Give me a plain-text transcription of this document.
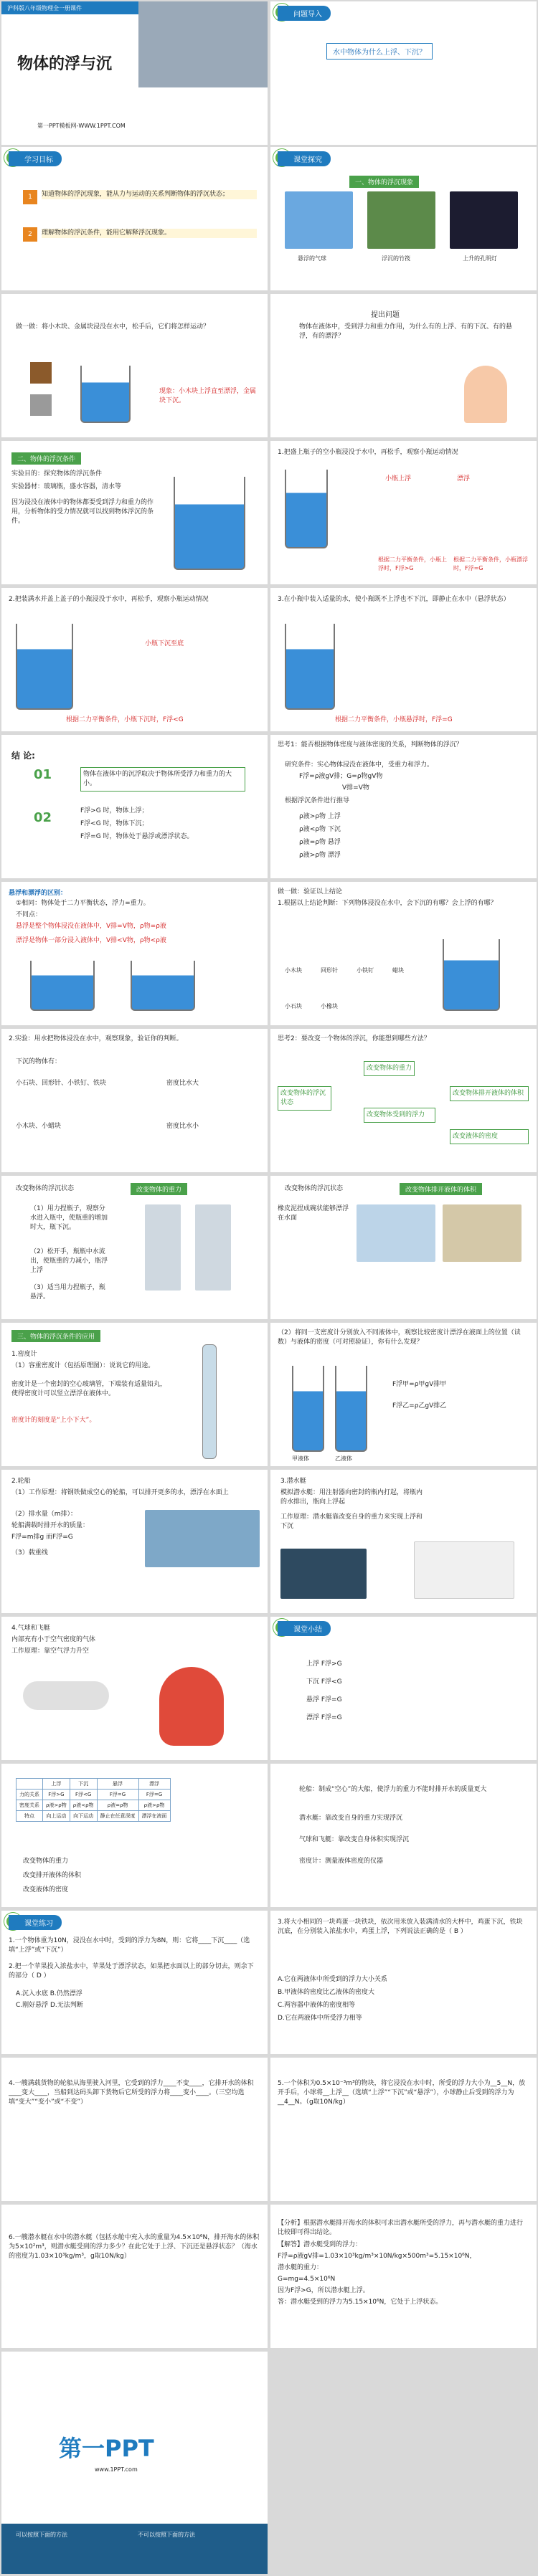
沪科版八年级物理全一册课件
物体的浮与沉
第一PPT模板网-WWW.1PPT.COM
问题导入
水中物体为什么上浮、下沉？
学习目标
1	知道物体的浮沉现象，能从力与运动的关系判断物体的浮沉状态；

2	理解物体的浮沉条件，能用它解释浮沉现象。

课堂探究
一、物体的浮沉现象
悬浮的气球	浮沉的竹筏	上升的孔明灯

做一做：将小木块、金属块浸没在水中，松手后，它们将怎样运动？

现象：小木块上浮直至漂浮，金属块下沉。

提出问题

物体在液体中，受到浮力和重力作用，为什么有的上浮、有的下沉、有的悬浮，有的漂浮？

二、物体的浮沉条件

实验目的：探究物体的浮沉条件

实验器材：玻璃瓶，盛水容器，清水等

因为浸没在液体中的物体都要受到浮力和重力的作用，分析物体的受力情况就可以找到物体浮沉的条件。

1.把盛上瓶子的空小瓶浸没于水中，再松手，观察小瓶运动情况

小瓶上浮	漂浮

根据二力平衡条件，小瓶上浮时，F浮>G

根据二力平衡条件，小瓶漂浮时，F浮=G

2.把装满水并盖上盖子的小瓶浸没于水中，再松手，观察小瓶运动情况

小瓶下沉至底

根据二力平衡条件，小瓶下沉时，F浮<G

3.在小瓶中装入适量的水，使小瓶既不上浮也不下沉，即静止在水中（悬浮状态）

根据二力平衡条件，小瓶悬浮时，F浮=G

结 论:
01	物体在液体中的沉浮取决于物体所受浮力和重力的大小。

02	F浮>G 时，物体上浮；

F浮<G 时，物体下沉；

F浮=G 时，物体处于悬浮或漂浮状态。

思考1：能否根据物体密度与液体密度的关系，判断物体的浮沉？

研究条件：实心物体浸没在液体中，受重力和浮力。

F浮=ρ液gV排；G=ρ物gV物

V排=V物

根据浮沉条件进行推导

ρ液>ρ物 上浮

ρ液<ρ物 下沉

ρ液=ρ物 悬浮

ρ液>ρ物 漂浮

悬浮和漂浮的区别：

①相同：物体处于二力平衡状态，浮力=重力。

不同点：

悬浮是整个物体浸没在液体中，V排=V物，ρ物=ρ液

漂浮是物体一部分浸入液体中，V排<V物，ρ物<ρ液

做一做：验证以上结论

1.根据以上结论判断：下列物体浸没在水中，会下沉的有哪？会上浮的有哪？

小木块	回形针	小铁钉	蜡块
小石块	小橡块

2.实验：用水把物体浸没在水中，观察现象，验证你的判断。

下沉的物体有：

小石块、回形针、小铁钉、铁块

小木块、小蜡块

密度比水大

密度比水小

思考2：要改变一个物体的浮沉，你能想到哪些方法？

改变物体的浮沉状态

改变物体的重力

改变物体受到的浮力

改变物体排开液体的体积

改变液体的密度

改变物体的浮沉状态	改变物体的重力

（1）用力捏瓶子，观察分水进入瓶中，使瓶重的增加时大，瓶下沉。

（2）松开手，瓶瓶中水流出，使瓶重的力减小，瓶浮上浮

（3）适当用力捏瓶子，瓶悬浮。

改变物体的浮沉状态	改变物体排开液体的体积

橡皮泥捏成碗状能够漂浮在水面

三、物体的浮沉条件的应用
1.密度计

（1）容重密度计（包括原理图）：说说它的用途。

密度计是一个密封的空心玻璃管，下端装有适量铅丸，使得密度计可以竖立漂浮在液体中。

密度计的刻度是“上小下大”。

（2）将同一支密度计分别放入不同液体中，观察比较密度计漂浮在液面上的位置（读数）与液体的密度（可对照验证），你有什么发现？

甲液体	乙液体

F浮甲=ρ甲gV排甲

F浮乙=ρ乙gV排乙

2.轮船

（1）工作原理：将钢铁做成空心的轮船，可以排开更多的水，漂浮在水面上

（2）排水量（m排）：

轮船满载时排开水的质量：

F浮=m排g 而F浮=G

（3）载重线

3.潜水艇

模拟潜水艇：用注射器向密封的瓶内打起，将瓶内的水排出，瓶向上浮起

工作原理：潜水艇靠改变自身的重力来实现上浮和下沉

4.气球和飞艇

内部充有小于空气密度的气体

工作原理：靠空气浮力升空

课堂小结

上浮 F浮>G

下沉 F浮<G

悬浮 F浮=G

漂浮 F浮=G

	上浮	下沉	悬浮	漂浮
力的关系	F浮>G	F浮<G	F浮=G	F浮=G
密度关系	ρ液>ρ物	ρ液<ρ物	ρ液=ρ物	ρ液>ρ物
特点	向上运动	向下运动	静止在任意深度	漂浮在液面

改变物体的重力

改变排开液体的体积

改变液体的密度

轮船：制成“空心”的大船，使浮力的重力不能时排开水的质量更大

潜水艇：靠改变自身的重力实现浮沉

气球和飞艇：靠改变自身体积实现浮沉

密度计：测量液体密度的仪器

课堂练习

1.一个物体重为10N，浸没在水中时，受到的浮力为8N，则：它将____下沉____（选填“上浮”或“下沉”）

2.把一个苹果投入浓盐水中，苹果处于漂浮状态，如果把水面以上的部分切去，则余下的部分（ D ）

A.沉入水底 B.仍然漂浮

C.刚好悬浮 D.无法判断

3.将大小相同的一块鸡蛋一块铁块，依次用米放入装满清水的大杯中，鸡蛋下沉，铁块沉底，在分别装入浓盐水中，鸡蛋上浮，下列说法正确的是（ B ）

A.它在两液体中所受到的浮力大小关系

B.甲液体的密度比乙液体的密度大

C.两容器中液体的密度相等

D.它在两液体中所受浮力相等

4.一艘满载货物的轮船从海里驶入河里，它受到的浮力____不变____，它排开水的体积____变大____，当船到达码头卸下货物后它所受的浮力将____变小____。（三空均选填“变大”“变小”或“不变”）

5.一个体积为0.5×10⁻³m³的物块，将它浸没在水中时，所受的浮力大小为__5__N，放开手后，小球将__上浮__（选填“上浮”“下沉”或“悬浮”），小球静止后受到的浮力为__4__N。（g取10N/kg）

6.一艘潜水艇在水中的潜水艇（包括水舱中充入水的重量为4.5×10⁶N，排开海水的体积为5×10²m³，则潜水艇受到的浮力多少？在此它处于上浮、下沉还是悬浮状态？（海水的密度为1.03×10³kg/m³，g取10N/kg）

【分析】根据潜水艇排开海水的体积可求出潜水艇所受的浮力，再与潜水艇的重力进行比较即可得出结论。

【解答】潜水艇受到的浮力：

F浮=ρ液gV排=1.03×10³kg/m³×10N/kg×500m³=5.15×10⁶N，

潜水艇的重力：

G=mg=4.5×10⁶N

因为F浮>G，所以潜水艇上浮。

答：潜水艇受到的浮力为5.15×10⁶N，它处于上浮状态。

第一PPT
www.1PPT.com
可以按照下面的方法	不可以按照下面的方法
